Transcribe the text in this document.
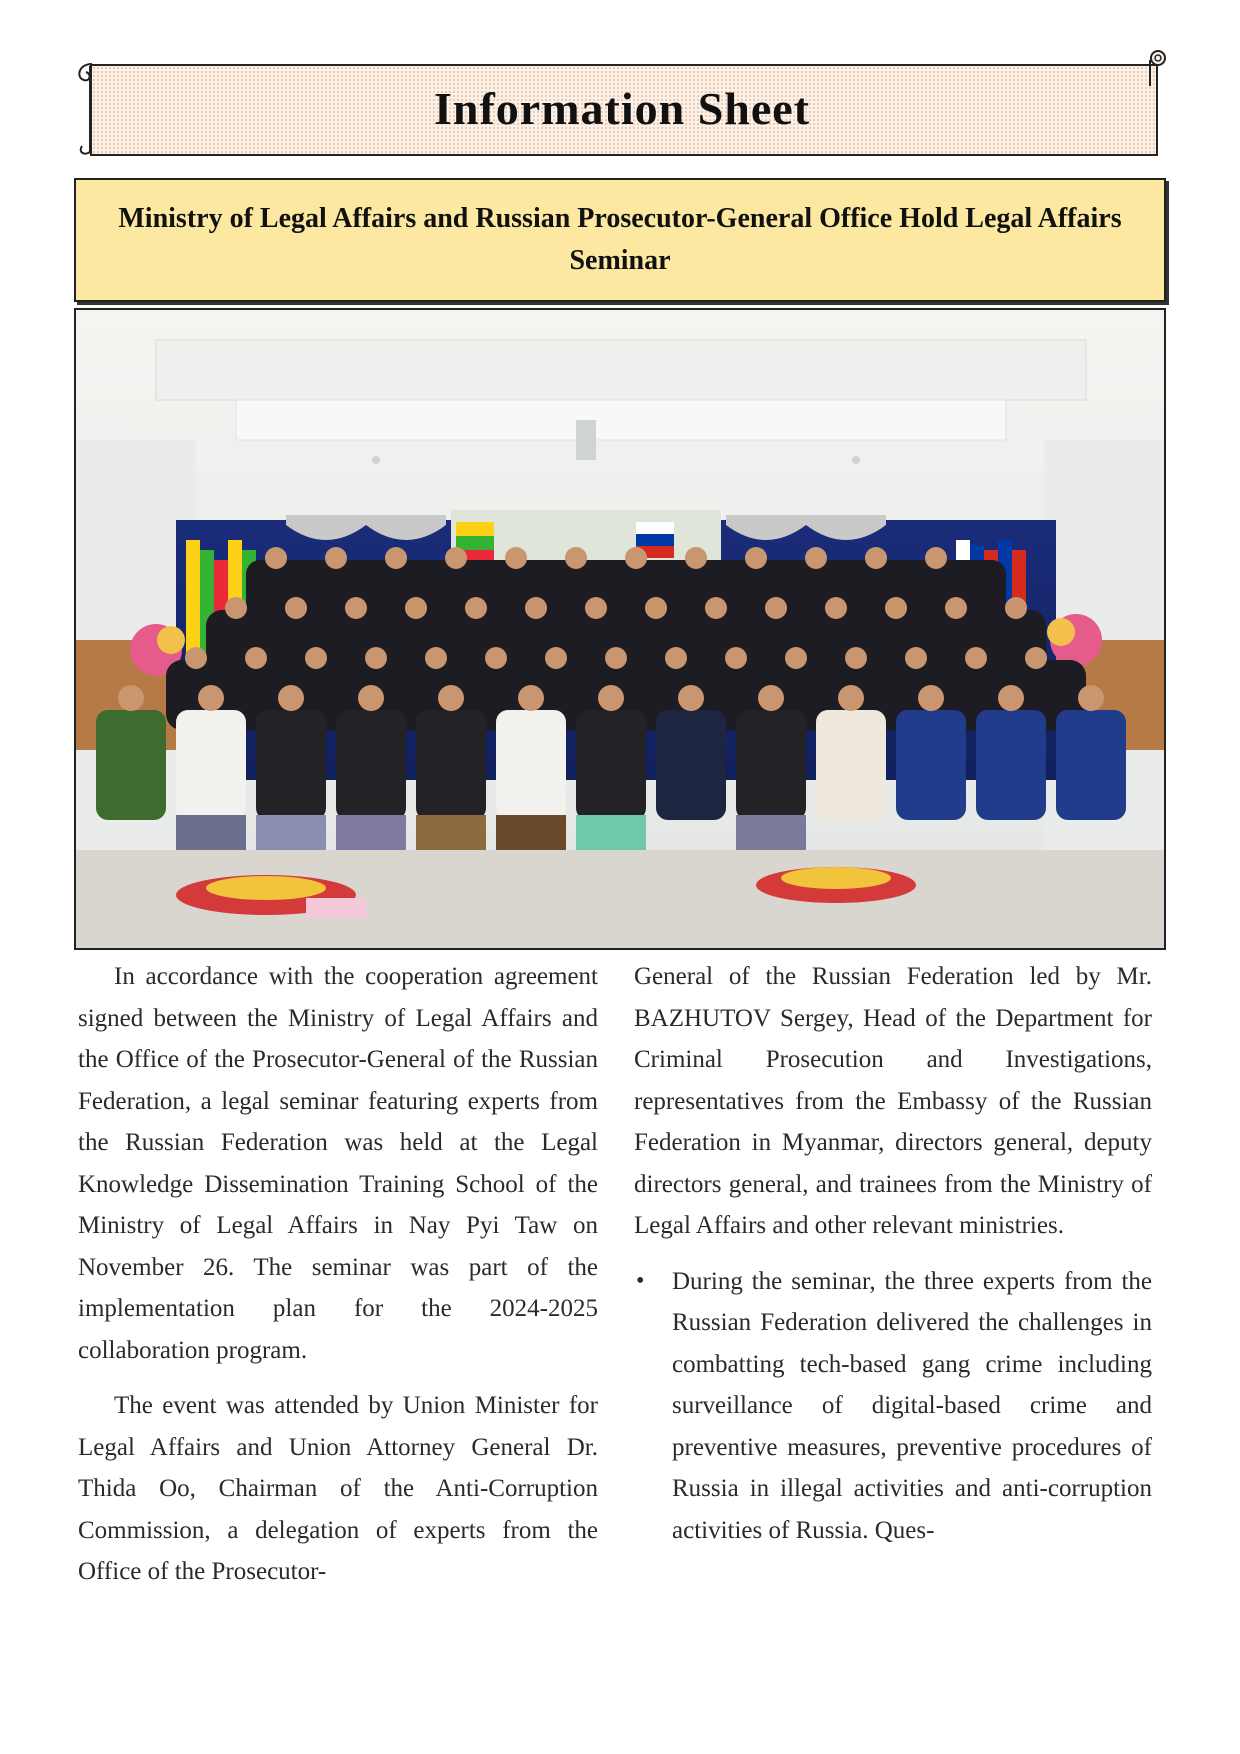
Information Sheet
Ministry of Legal Affairs and Russian Prosecutor-General Office Hold Legal Affairs Seminar

In accordance with the cooperation agreement signed between the Ministry of Legal Affairs and the Office of the Prosecutor-General of the Russian Federation, a legal seminar featuring experts from the Russian Federation was held at the Legal Knowledge Dissemination Training School of the Ministry of Legal Affairs in Nay Pyi Taw on November 26. The seminar was part of the implementation plan for the 2024-2025 collaboration program.

The event was attended by Union Minister for Legal Affairs and Union Attorney General Dr. Thida Oo, Chairman of the Anti-Corruption Commission, a delegation of experts from the Office of the Prosecutor-

General of the Russian Federation led by Mr. BAZHUTOV Sergey, Head of the Department for Criminal Prosecution and Investigations, representatives from the Embassy of the Russian Federation in Myanmar, directors general, deputy directors general, and trainees from the Ministry of Legal Affairs and other relevant ministries.

• During the seminar, the three experts from the Russian Federation delivered the challenges in combatting tech-based gang crime including surveillance of digital-based crime and preventive measures, preventive procedures of Russia in illegal activities and anti-corruption activities of Russia. Ques-
